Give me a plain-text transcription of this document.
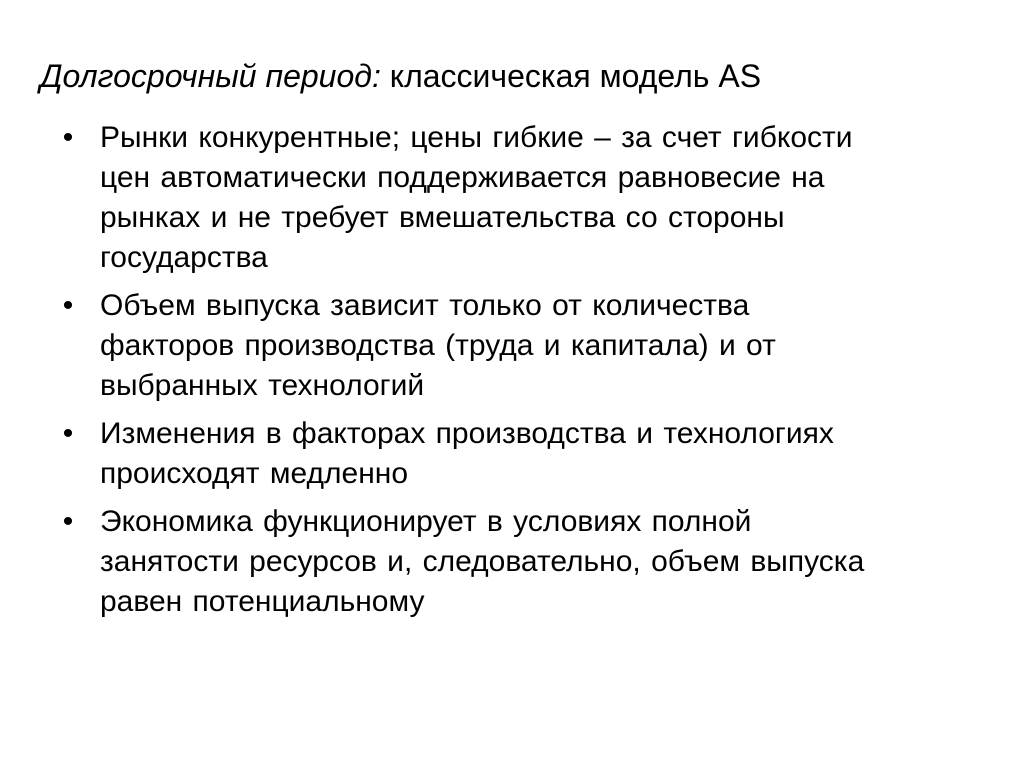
Долгосрочный период: классическая модель AS
• Рынки конкурентные; цены гибкие – за счет гибкости
цен автоматически поддерживается равновесие на
рынках и не требует вмешательства со стороны
государства
• Объем выпуска зависит только от количества
факторов производства (труда и капитала) и от
выбранных технологий
• Изменения в факторах производства и технологиях
происходят медленно
• Экономика функционирует в условиях полной
занятости ресурсов и, следовательно, объем выпуска
равен потенциальному
